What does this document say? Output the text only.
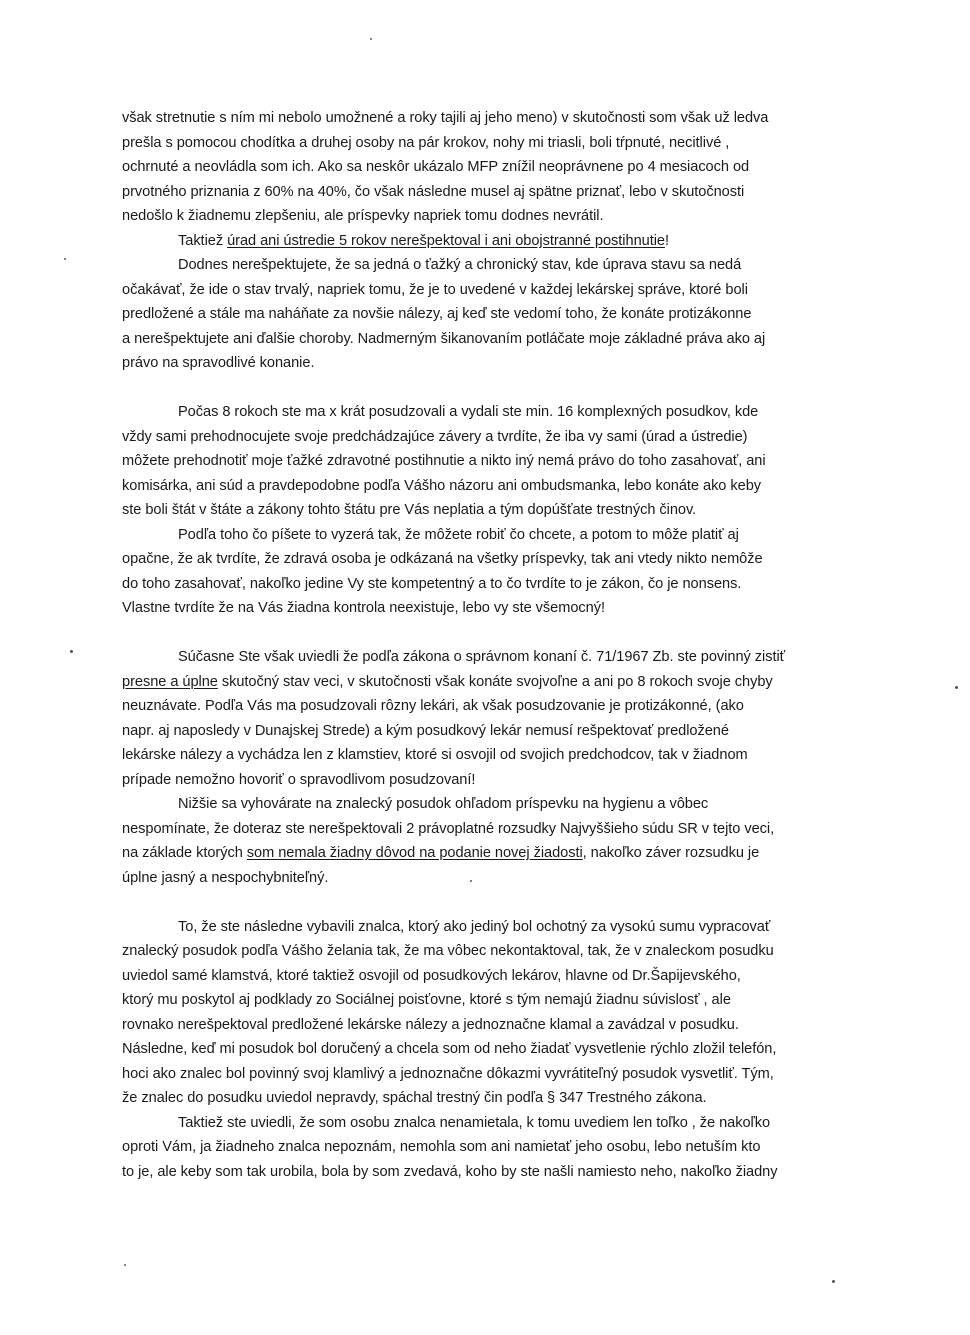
však stretnutie s ním mi nebolo umožnené a roky tajili aj jeho meno) v skutočnosti som však už ledva
prešla s pomocou chodítka a druhej osoby na pár krokov, nohy mi triasli, boli tŕpnuté, necitlivé ,
ochrnuté a neovládla som ich. Ako sa neskôr ukázalo MFP znížil neoprávnene po 4 mesiacoch od
prvotného priznania z 60% na 40%, čo však následne musel aj spätne priznať, lebo v skutočnosti
nedošlo k žiadnemu zlepšeniu, ale príspevky napriek tomu dodnes nevrátil.

Taktiež úrad ani ústredie 5 rokov nerešpektoval i ani obojstranné postihnutie!

Dodnes nerešpektujete, že sa jedná o ťažký a chronický stav, kde úprava stavu sa nedá
očakávať, že ide o stav trvalý, napriek tomu, že je to uvedené v každej lekárskej správe, ktoré boli
predložené a stále ma naháňate za novšie nálezy, aj keď ste vedomí toho, že konáte protizákonne
a nerešpektujete ani ďalšie choroby. Nadmerným šikanovaním potláčate moje základné práva ako aj
právo na spravodlivé konanie.

Počas 8 rokoch ste ma x krát posudzovali a vydali ste min. 16 komplexných posudkov, kde
vždy sami prehodnocujete svoje predchádzajúce závery a tvrdíte, že iba vy sami (úrad a ústredie)
môžete prehodnotiť moje ťažké zdravotné postihnutie a nikto iný nemá právo do toho zasahovať, ani
komisárka, ani súd a pravdepodobne podľa Vášho názoru ani ombudsmanka, lebo konáte ako keby
ste boli štát v štáte a zákony tohto štátu pre Vás neplatia a tým dopúšťate trestných činov.

Podľa toho čo píšete to vyzerá tak, že môžete robiť čo chcete, a potom to môže platiť aj
opačne, že ak tvrdíte, že zdravá osoba je odkázaná na všetky príspevky, tak ani vtedy nikto nemôže
do toho zasahovať, nakoľko jedine Vy ste kompetentný a to čo tvrdíte to je zákon, čo je nonsens.
Vlastne tvrdíte že na Vás žiadna kontrola neexistuje, lebo vy ste všemocný!

Súčasne Ste však uviedli že podľa zákona o správnom konaní č. 71/1967 Zb. ste povinný zistiť
presne a úplne skutočný stav veci, v skutočnosti však konáte svojvoľne a ani po 8 rokoch svoje chyby
neuznávate. Podľa Vás ma posudzovali rôzny lekári, ak však posudzovanie je protizákonné, (ako
napr. aj naposledy v Dunajskej Strede) a kým posudkový lekár nemusí rešpektovať predložené
lekárske nálezy a vychádza len z klamstiev, ktoré si osvojil od svojich predchodcov, tak v žiadnom
prípade nemožno hovoriť o spravodlivom posudzovaní!

Nižšie sa vyhovárate na znalecký posudok ohľadom príspevku na hygienu a vôbec
nespomínate, že doteraz ste nerešpektovali 2 právoplatné rozsudky Najvyššieho súdu SR v tejto veci,
na základe ktorých som nemala žiadny dôvod na podanie novej žiadosti, nakoľko záver rozsudku je
úplne jasný a nespochybniteľný.

To, že ste následne vybavili znalca, ktorý ako jediný bol ochotný za vysokú sumu vypracovať
znalecký posudok podľa Vášho želania tak, že ma vôbec nekontaktoval, tak, že v znaleckom posudku
uviedol samé klamstvá, ktoré taktiež osvojil od posudkových lekárov, hlavne od Dr.Šapijevského,
ktorý mu poskytol aj podklady zo Sociálnej poisťovne, ktoré s tým nemajú žiadnu súvislosť , ale
rovnako nerešpektoval predložené lekárske nálezy a jednoznačne klamal a zavádzal v posudku.
Následne, keď mi posudok bol doručený a chcela som od neho žiadať vysvetlenie rýchlo zložil telefón,
hoci ako znalec bol povinný svoj klamlivý a jednoznačne dôkazmi vyvrátiteľný posudok vysvetliť. Tým,
že znalec do posudku uviedol nepravdy, spáchal trestný čin podľa § 347 Trestného zákona.

Taktiež ste uviedli, že som osobu znalca nenamietala, k tomu uvediem len toľko , že nakoľko
oproti Vám, ja žiadneho znalca nepoznám, nemohla som ani namietať jeho osobu, lebo netuším kto
to je, ale keby som tak urobila, bola by som zvedavá, koho by ste našli namiesto neho, nakoľko žiadny
